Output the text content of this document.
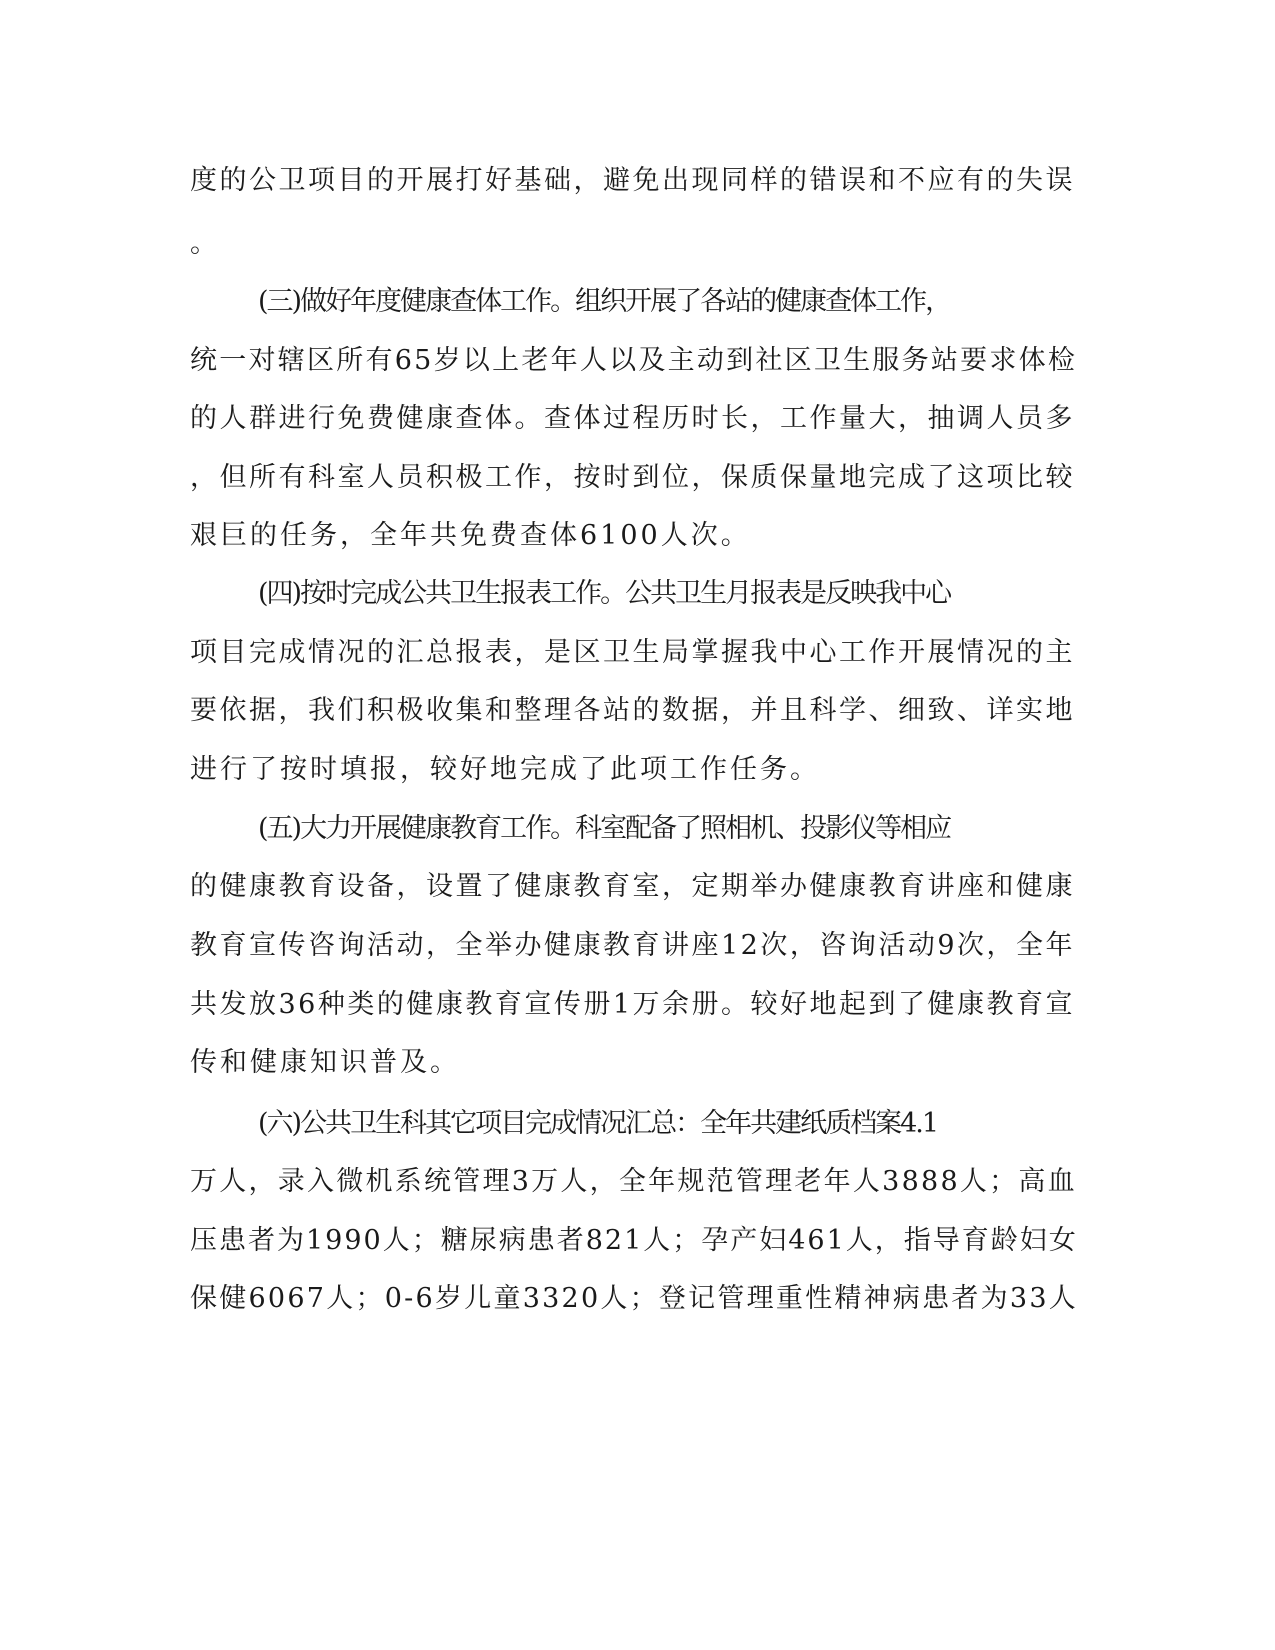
度的公卫项目的开展打好基础，避免出现同样的错误和不应有的失误
。
(三)做好年度健康查体工作。组织开展了各站的健康查体工作，
统一对辖区所有65岁以上老年人以及主动到社区卫生服务站要求体检
的人群进行免费健康查体。查体过程历时长，工作量大，抽调人员多
，但所有科室人员积极工作，按时到位，保质保量地完成了这项比较
艰巨的任务，全年共免费查体6100人次。
(四)按时完成公共卫生报表工作。公共卫生月报表是反映我中心
项目完成情况的汇总报表，是区卫生局掌握我中心工作开展情况的主
要依据，我们积极收集和整理各站的数据，并且科学、细致、详实地
进行了按时填报，较好地完成了此项工作任务。
(五)大力开展健康教育工作。科室配备了照相机、投影仪等相应
的健康教育设备，设置了健康教育室，定期举办健康教育讲座和健康
教育宣传咨询活动，全举办健康教育讲座12次，咨询活动9次，全年
共发放36种类的健康教育宣传册1万余册。较好地起到了健康教育宣
传和健康知识普及。
(六)公共卫生科其它项目完成情况汇总：全年共建纸质档案4.1
万人，录入微机系统管理3万人，全年规范管理老年人3888人；高血
压患者为1990人；糖尿病患者821人；孕产妇461人，指导育龄妇女
保健6067人；0-6岁儿童3320人；登记管理重性精神病患者为33人
